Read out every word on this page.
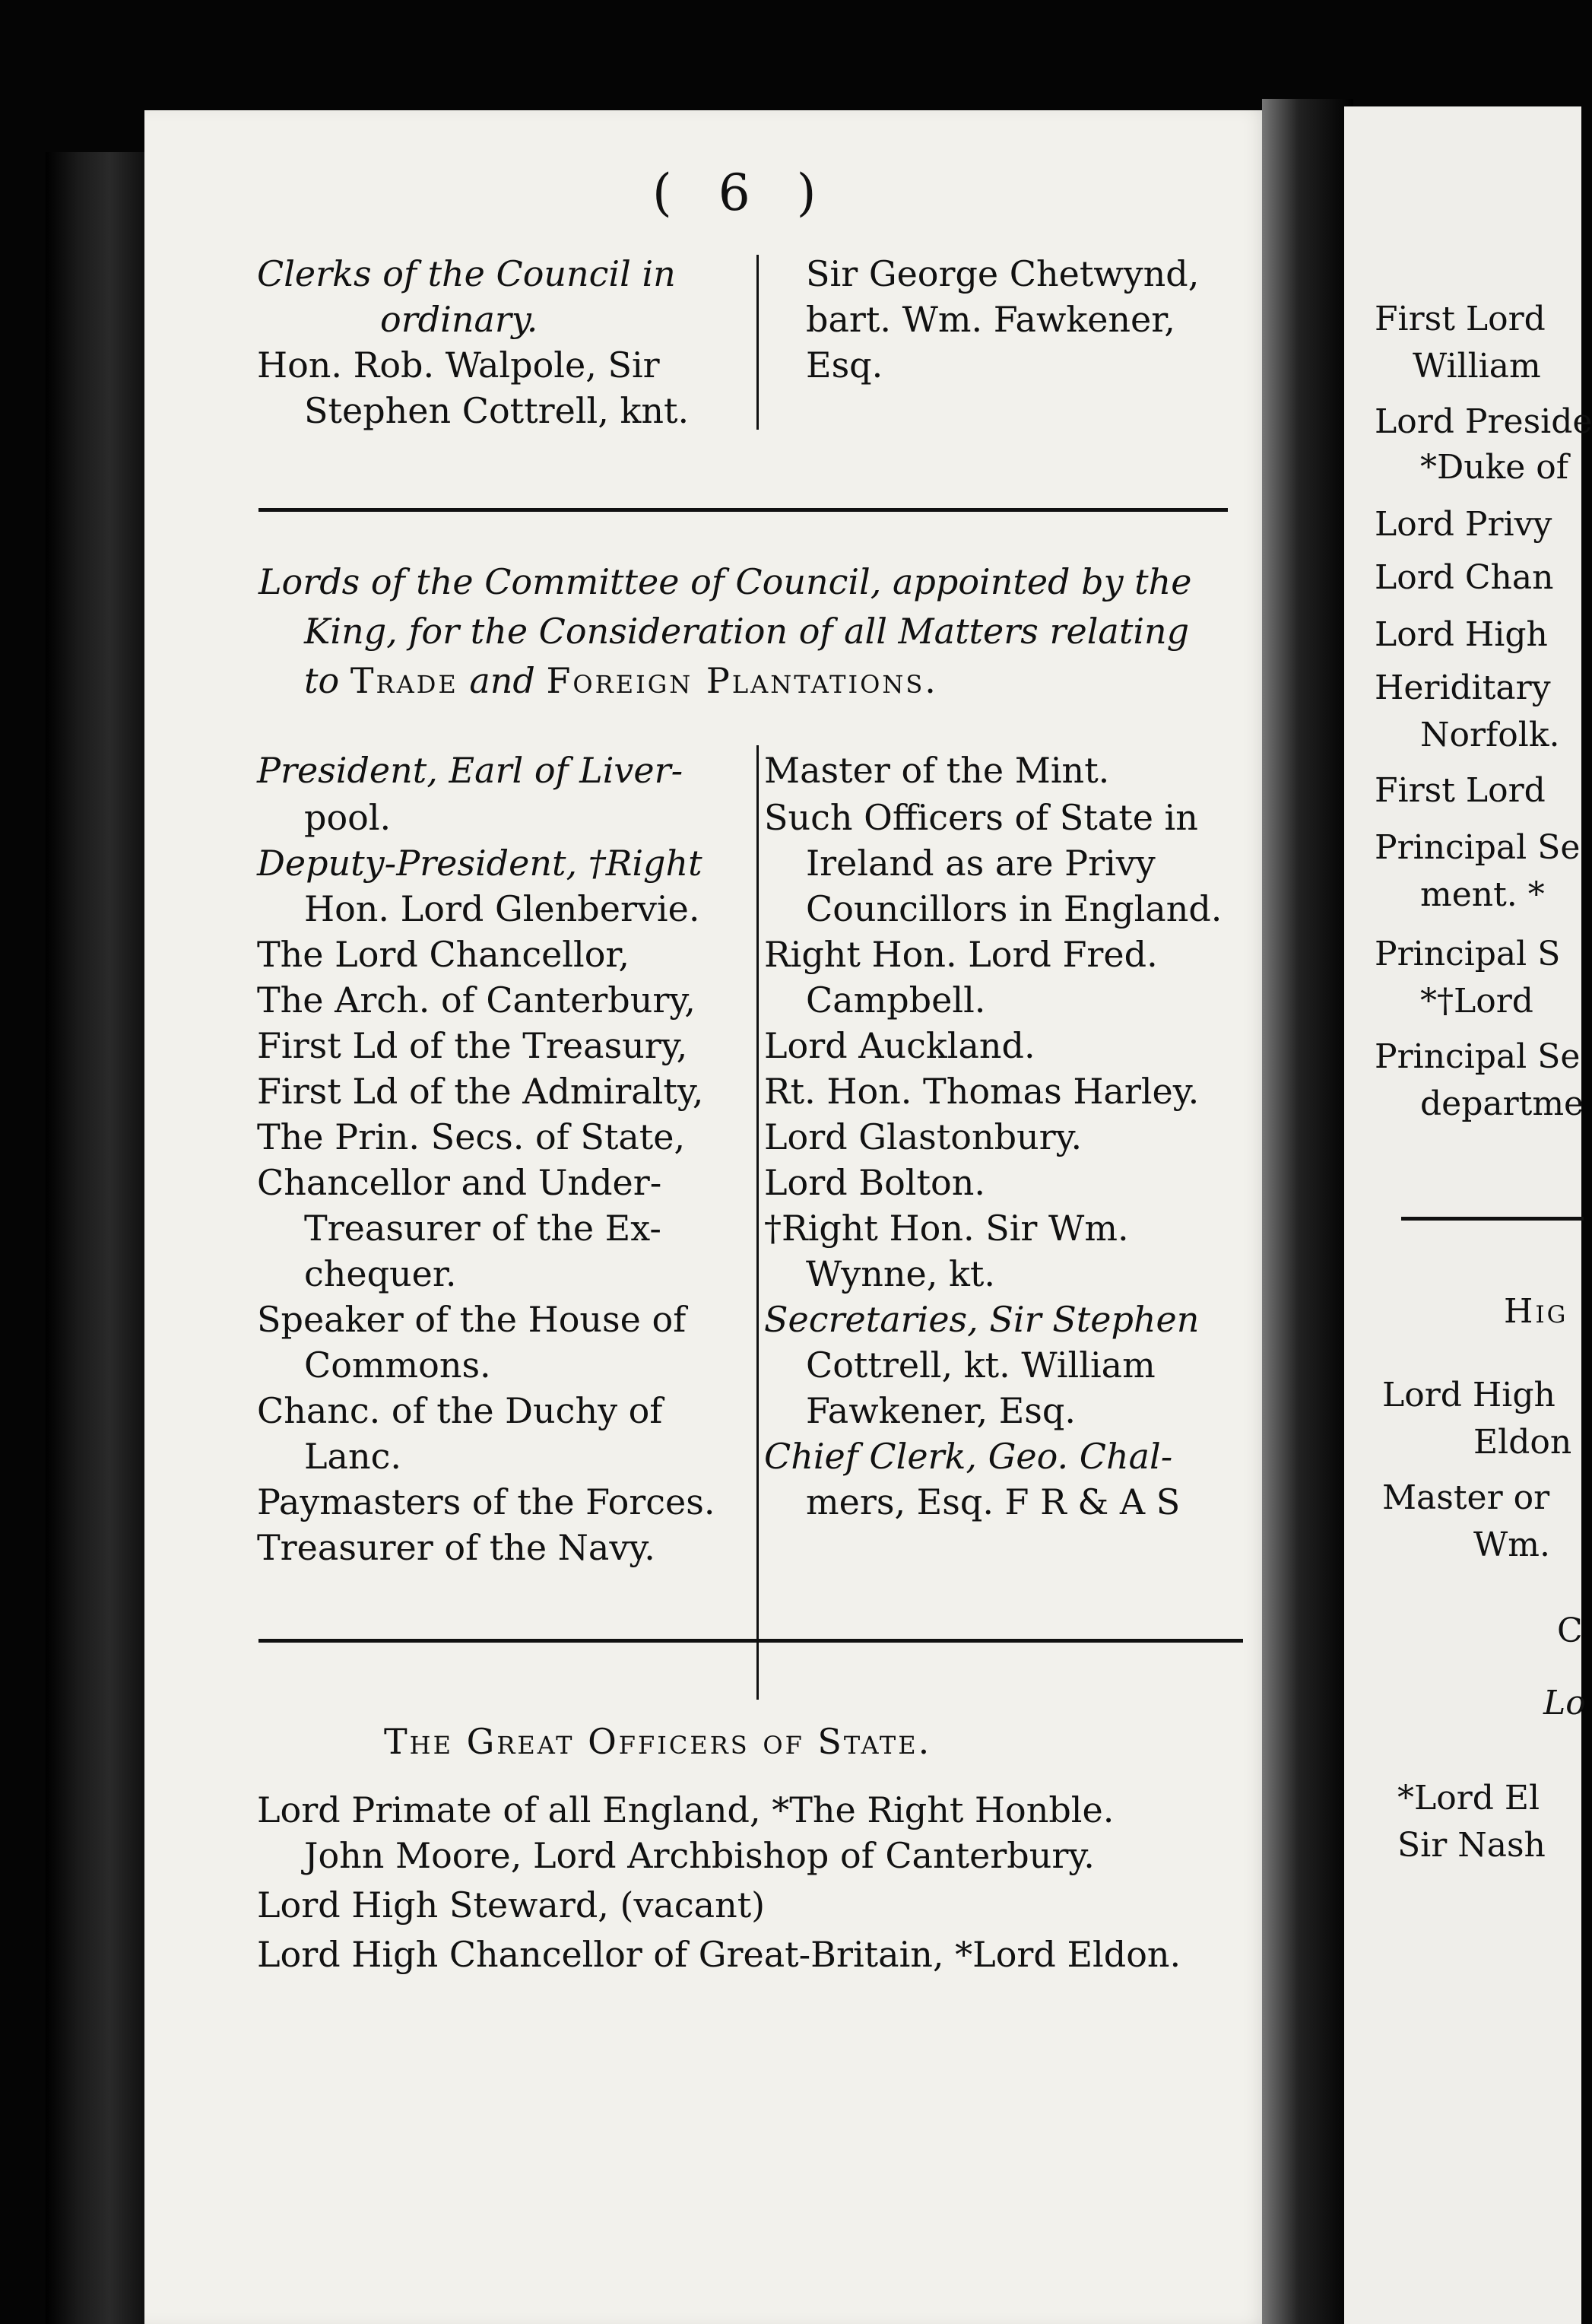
( 6 )
Clerks of the Council in
ordinary.
Hon. Rob. Walpole, Sir
Stephen Cottrell, knt.
Sir George Chetwynd,
bart. Wm. Fawkener,
Esq.
Lords of the Committee of Council, appointed by the
King, for the Consideration of all Matters relating
to Trade and Foreign Plantations.
President, Earl of Liver-
pool.
Deputy-President, †Right
Hon. Lord Glenbervie.
The Lord Chancellor,
The Arch. of Canterbury,
First Ld of the Treasury,
First Ld of the Admiralty,
The Prin. Secs. of State,
Chancellor and Under-
Treasurer of the Ex-
chequer.
Speaker of the House of
Commons.
Chanc. of the Duchy of
Lanc.
Paymasters of the Forces.
Treasurer of the Navy.
Master of the Mint.
Such Officers of State in
Ireland as are Privy
Councillors in England.
Right Hon. Lord Fred.
Campbell.
Lord Auckland.
Rt. Hon. Thomas Harley.
Lord Glastonbury.
Lord Bolton.
†Right Hon. Sir Wm.
Wynne, kt.
Secretaries, Sir Stephen
Cottrell, kt. William
Fawkener, Esq.
Chief Clerk, Geo. Chal-
mers, Esq. F R & A S
The Great Officers of State.
Lord Primate of all England, *The Right Honble.
John Moore, Lord Archbishop of Canterbury.
Lord High Steward, (vacant)
Lord High Chancellor of Great-Britain, *Lord Eldon.
First Lord
William
Lord Preside
*Duke of
Lord Privy
Lord Chan
Lord High
Heriditary
Norfolk.
First Lord
Principal Se
ment. *
Principal S
*†Lord
Principal Se
departme
Hig
Lord High
Eldon
Master or
Wm.
C
Lo
*Lord El
Sir Nash
